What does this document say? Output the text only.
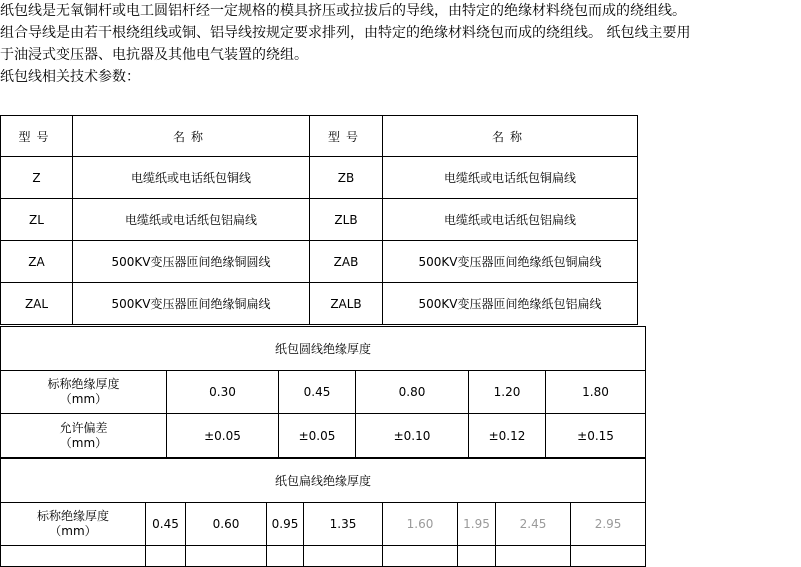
纸包线是无氧铜杆或电工圆铝杆经一定规格的模具挤压或拉拔后的导线，由特定的绝缘材料绕包而成的绕组线。

组合导线是由若干根绕组线或铜、铝导线按规定要求排列，由特定的绝缘材料绕包而成的绕组线。 纸包线主要用

于油浸式变压器、电抗器及其他电气装置的绕组。

纸包线相关技术参数：

型号	名称	型号	名称
Z	电缆纸或电话纸包铜线	ZB	电缆纸或电话纸包铜扁线
ZL	电缆纸或电话纸包铝扁线	ZLB	电缆纸或电话纸包铝扁线
ZA	500KV变压器匝间绝缘铜圆线	ZAB	500KV变压器匝间绝缘纸包铜扁线
ZAL	500KV变压器匝间绝缘铜扁线	ZALB	500KV变压器匝间绝缘纸包铝扁线
纸包圆线绝缘厚度					
标称绝缘厚度
（mm）	0.30	0.45	0.80	1.20	1.80
允许偏差
（mm）	±0.05	±0.05	±0.10	±0.12	±0.15
纸包扁线绝缘厚度								
标称绝缘厚度
（mm）	0.45	0.60	0.95	1.35	1.60	1.95	2.45	2.95
